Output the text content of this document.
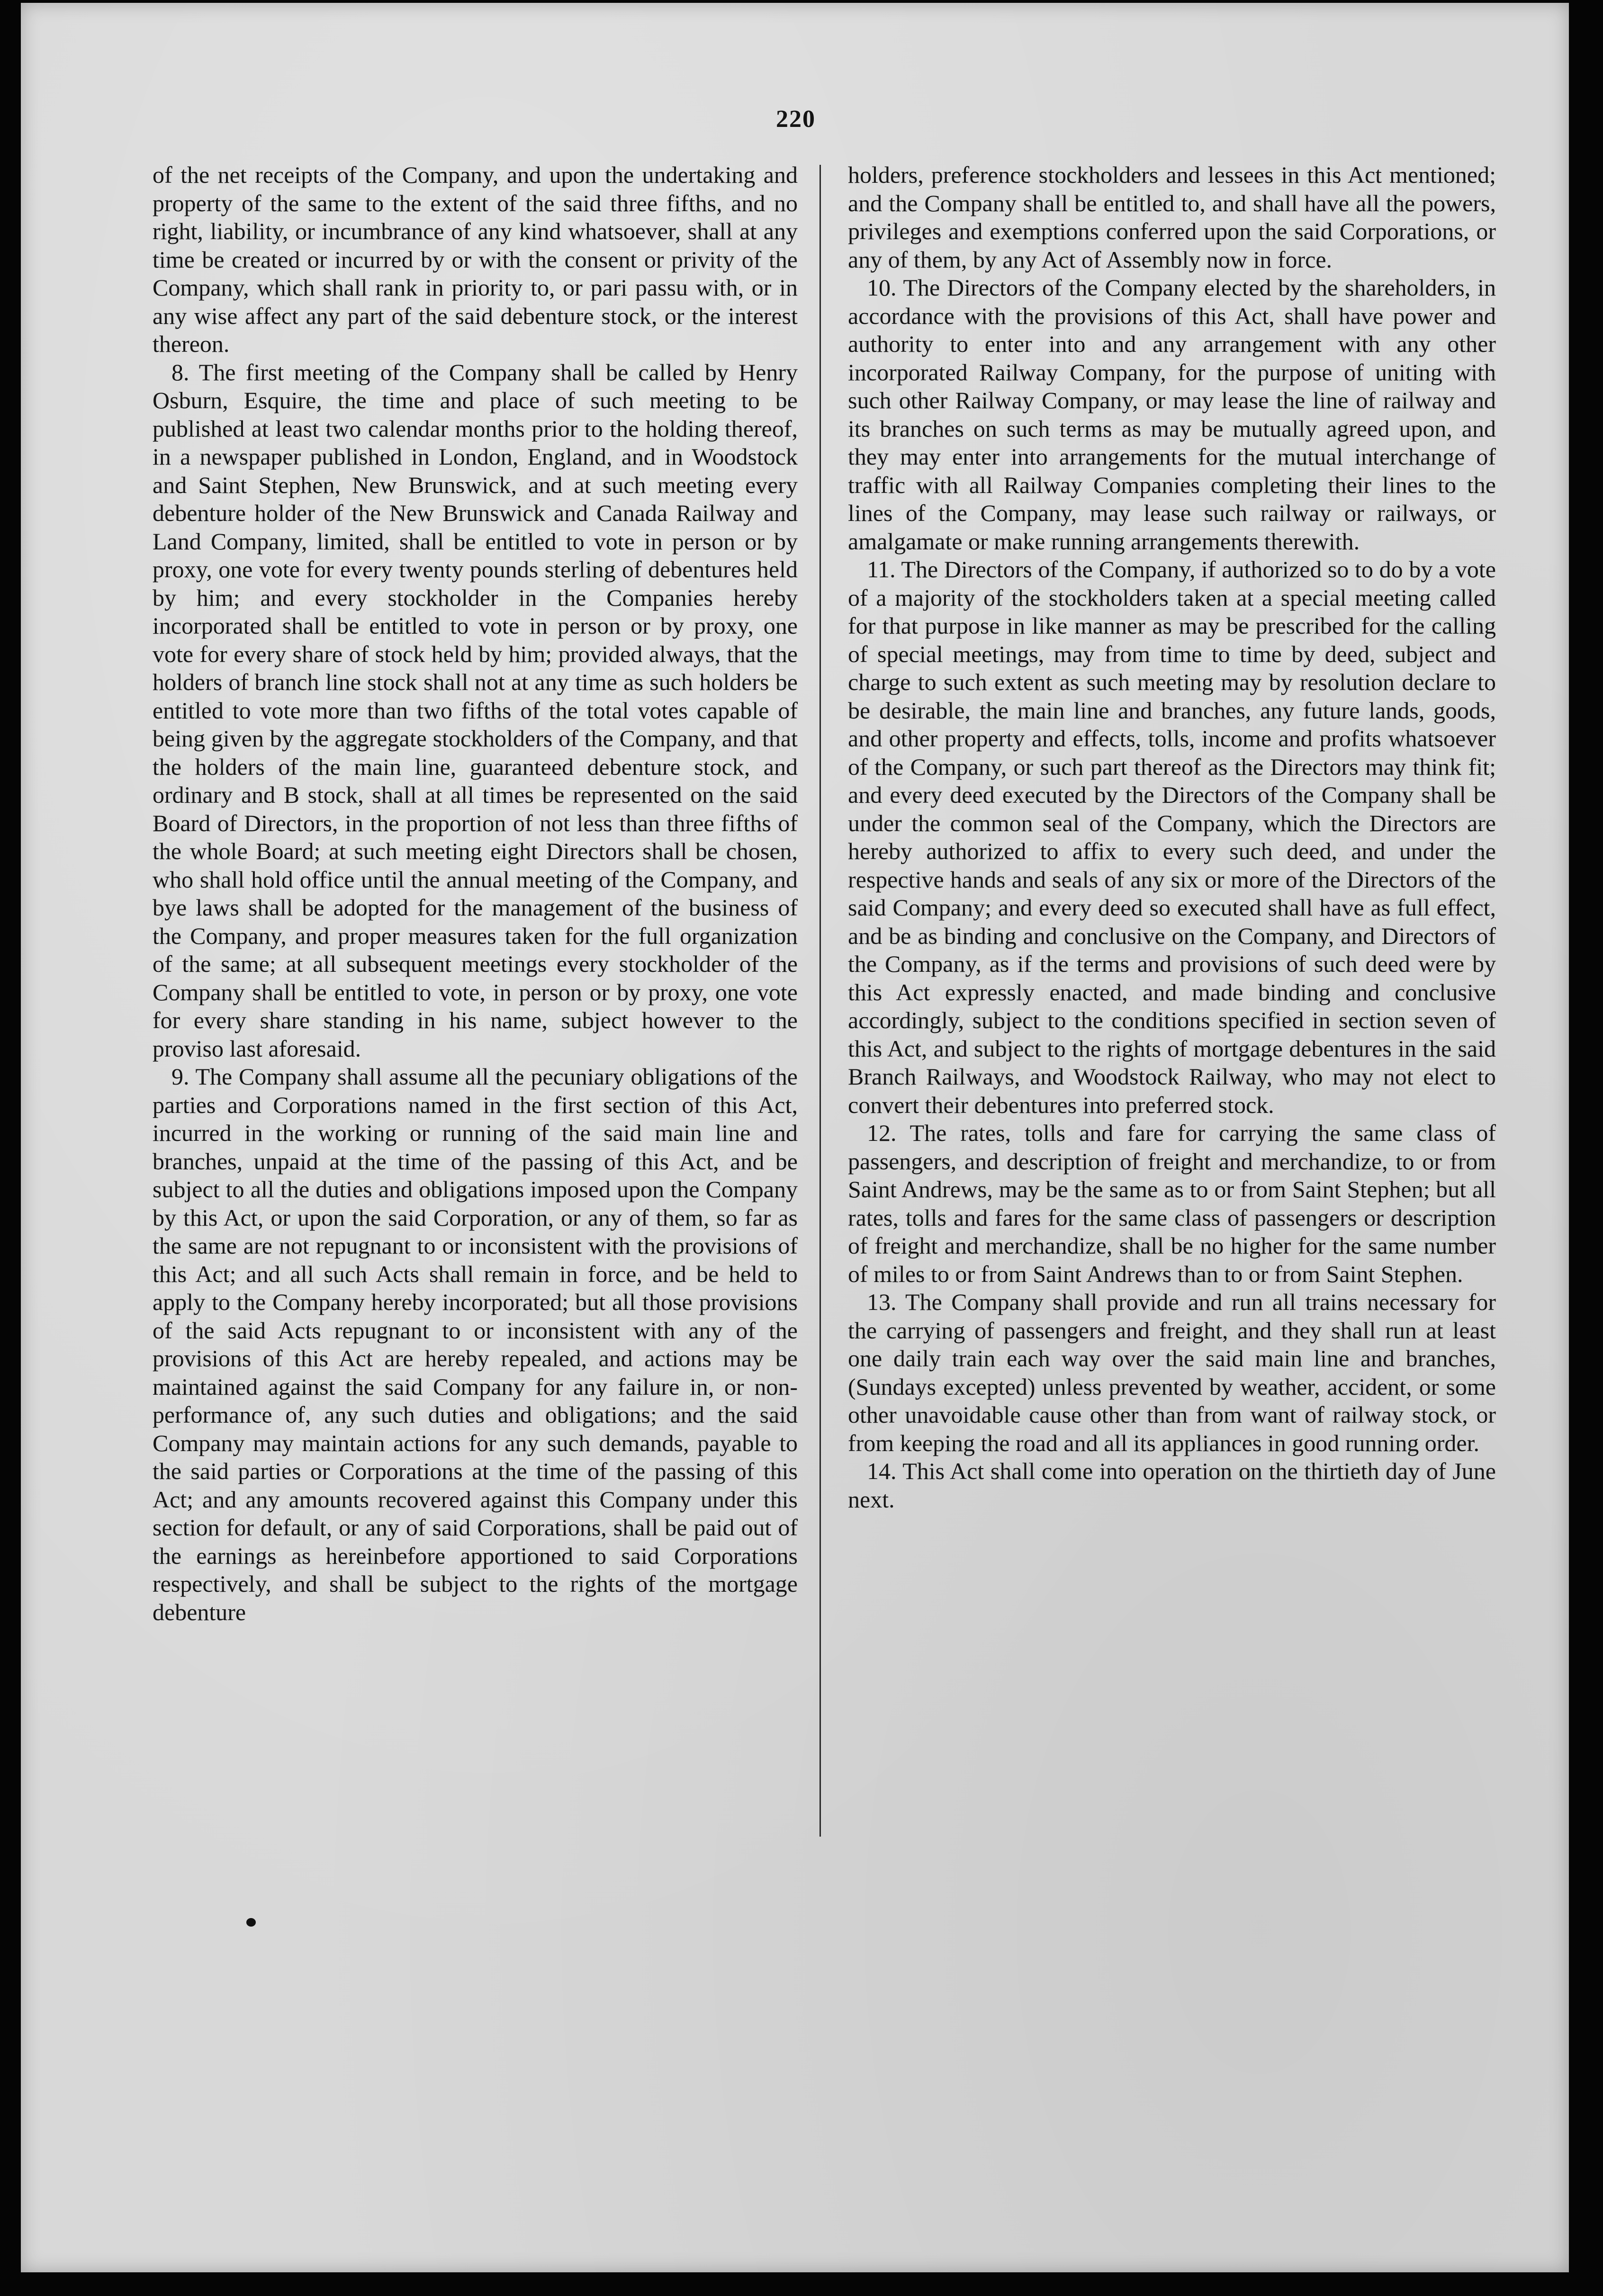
220

of the net receipts of the Company, and upon the undertaking and property of the same to the extent of the said three fifths, and no right, liability, or incumbrance of any kind whatsoever, shall at any time be created or incurred by or with the consent or privity of the Company, which shall rank in priority to, or pari passu with, or in any wise affect any part of the said debenture stock, or the interest thereon.

8. The first meeting of the Company shall be called by Henry Osburn, Esquire, the time and place of such meeting to be published at least two calendar months prior to the holding thereof, in a newspaper published in London, England, and in Woodstock and Saint Stephen, New Brunswick, and at such meeting every debenture holder of the New Brunswick and Canada Railway and Land Company, limited, shall be entitled to vote in person or by proxy, one vote for every twenty pounds sterling of debentures held by him; and every stockholder in the Companies hereby incorporated shall be entitled to vote in person or by proxy, one vote for every share of stock held by him; provided always, that the holders of branch line stock shall not at any time as such holders be entitled to vote more than two fifths of the total votes capable of being given by the aggregate stockholders of the Company, and that the holders of the main line, guaranteed debenture stock, and ordinary and B stock, shall at all times be represented on the said Board of Directors, in the proportion of not less than three fifths of the whole Board; at such meeting eight Directors shall be chosen, who shall hold office until the annual meeting of the Company, and bye laws shall be adopted for the management of the business of the Company, and proper measures taken for the full organization of the same; at all subsequent meetings every stockholder of the Company shall be entitled to vote, in person or by proxy, one vote for every share standing in his name, subject however to the proviso last aforesaid.

9. The Company shall assume all the pecuniary obligations of the parties and Corporations named in the first section of this Act, incurred in the working or running of the said main line and branches, unpaid at the time of the passing of this Act, and be subject to all the duties and obligations imposed upon the Company by this Act, or upon the said Corporation, or any of them, so far as the same are not repugnant to or inconsistent with the provisions of this Act; and all such Acts shall remain in force, and be held to apply to the Company hereby incorporated; but all those provisions of the said Acts repugnant to or inconsistent with any of the provisions of this Act are hereby repealed, and actions may be maintained against the said Company for any failure in, or non-performance of, any such duties and obligations; and the said Company may maintain actions for any such demands, payable to the said parties or Corporations at the time of the passing of this Act; and any amounts recovered against this Company under this section for default, or any of said Corporations, shall be paid out of the earnings as hereinbefore apportioned to said Corporations respectively, and shall be subject to the rights of the mortgage debenture

holders, preference stockholders and lessees in this Act mentioned; and the Company shall be entitled to, and shall have all the powers, privileges and exemptions conferred upon the said Corporations, or any of them, by any Act of Assembly now in force.

10. The Directors of the Company elected by the shareholders, in accordance with the provisions of this Act, shall have power and authority to enter into and any arrangement with any other incorporated Railway Company, for the purpose of uniting with such other Railway Company, or may lease the line of railway and its branches on such terms as may be mutually agreed upon, and they may enter into arrangements for the mutual interchange of traffic with all Railway Companies completing their lines to the lines of the Company, may lease such railway or railways, or amalgamate or make running arrangements therewith.

11. The Directors of the Company, if authorized so to do by a vote of a majority of the stockholders taken at a special meeting called for that purpose in like manner as may be prescribed for the calling of special meetings, may from time to time by deed, subject and charge to such extent as such meeting may by resolution declare to be desirable, the main line and branches, any future lands, goods, and other property and effects, tolls, income and profits whatsoever of the Company, or such part thereof as the Directors may think fit; and every deed executed by the Directors of the Company shall be under the common seal of the Company, which the Directors are hereby authorized to affix to every such deed, and under the respective hands and seals of any six or more of the Directors of the said Company; and every deed so executed shall have as full effect, and be as binding and conclusive on the Company, and Directors of the Company, as if the terms and provisions of such deed were by this Act expressly enacted, and made binding and conclusive accordingly, subject to the conditions specified in section seven of this Act, and subject to the rights of mortgage debentures in the said Branch Railways, and Woodstock Railway, who may not elect to convert their debentures into preferred stock.

12. The rates, tolls and fare for carrying the same class of passengers, and description of freight and merchandize, to or from Saint Andrews, may be the same as to or from Saint Stephen; but all rates, tolls and fares for the same class of passengers or description of freight and merchandize, shall be no higher for the same number of miles to or from Saint Andrews than to or from Saint Stephen.

13. The Company shall provide and run all trains necessary for the carrying of passengers and freight, and they shall run at least one daily train each way over the said main line and branches, (Sundays excepted) unless prevented by weather, accident, or some other unavoidable cause other than from want of railway stock, or from keeping the road and all its appliances in good running order.

14. This Act shall come into operation on the thirtieth day of June next.
